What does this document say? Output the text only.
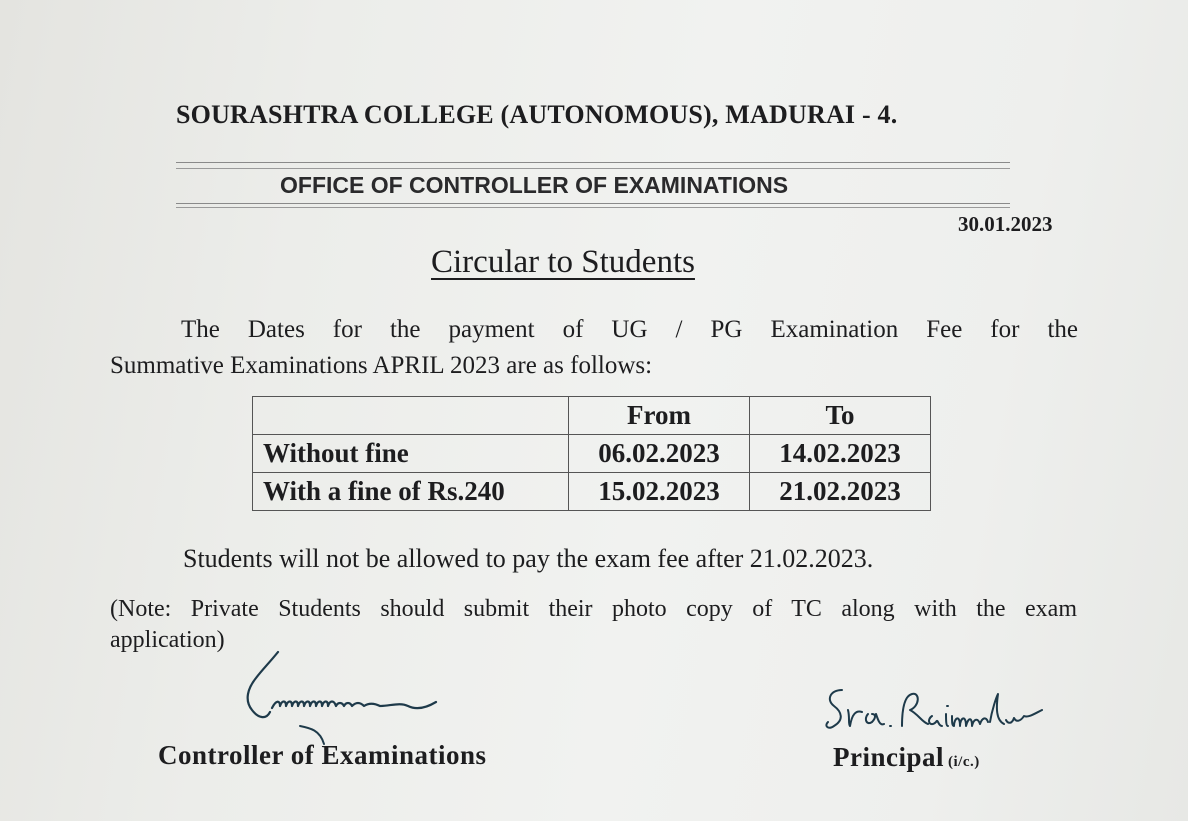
SOURASHTRA COLLEGE (AUTONOMOUS), MADURAI - 4.
OFFICE OF CONTROLLER OF EXAMINATIONS
30.01.2023
Circular to Students
The Dates for the payment of UG / PG Examination Fee for the
Summative Examinations APRIL 2023 are as follows:
	From	To
Without fine	06.02.2023	14.02.2023
With a fine of Rs.240	15.02.2023	21.02.2023
Students will not be allowed to pay the exam fee after 21.02.2023.
(Note: Private Students should submit their photo copy of TC along with the exam
application)
Controller of Examinations	Principal (i/c.)
